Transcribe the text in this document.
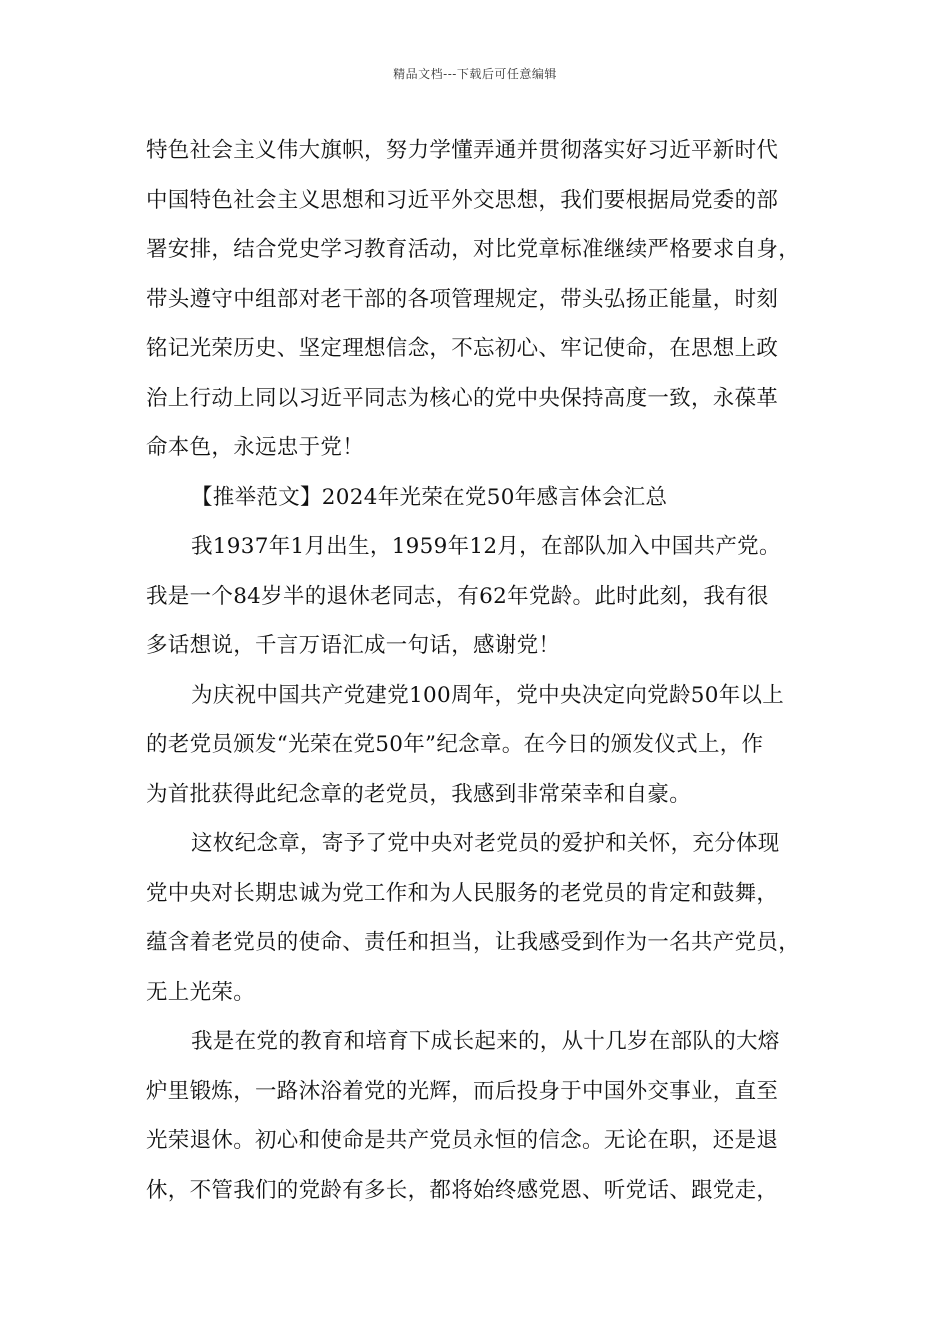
精品文档---下载后可任意编辑
特色社会主义伟大旗帜，努力学懂弄通并贯彻落实好习近平新时代
中国特色社会主义思想和习近平外交思想，我们要根据局党委的部
署安排，结合党史学习教育活动，对比党章标准继续严格要求自身，
带头遵守中组部对老干部的各项管理规定，带头弘扬正能量，时刻
铭记光荣历史、坚定理想信念，不忘初心、牢记使命，在思想上政
治上行动上同以习近平同志为核心的党中央保持高度一致，永葆革
命本色，永远忠于党！
【推举范文】2024年光荣在党50年感言体会汇总
我1937年1月出生，1959年12月，在部队加入中国共产党。
我是一个84岁半的退休老同志，有62年党龄。此时此刻，我有很
多话想说，千言万语汇成一句话，感谢党！
为庆祝中国共产党建党100周年，党中央决定向党龄50年以上
的老党员颁发“光荣在党50年”纪念章。在今日的颁发仪式上，作
为首批获得此纪念章的老党员，我感到非常荣幸和自豪。
这枚纪念章，寄予了党中央对老党员的爱护和关怀，充分体现
党中央对长期忠诚为党工作和为人民服务的老党员的肯定和鼓舞，
蕴含着老党员的使命、责任和担当，让我感受到作为一名共产党员，
无上光荣。
我是在党的教育和培育下成长起来的，从十几岁在部队的大熔
炉里锻炼，一路沐浴着党的光辉，而后投身于中国外交事业，直至
光荣退休。初心和使命是共产党员永恒的信念。无论在职，还是退
休，不管我们的党龄有多长，都将始终感党恩、听党话、跟党走，
